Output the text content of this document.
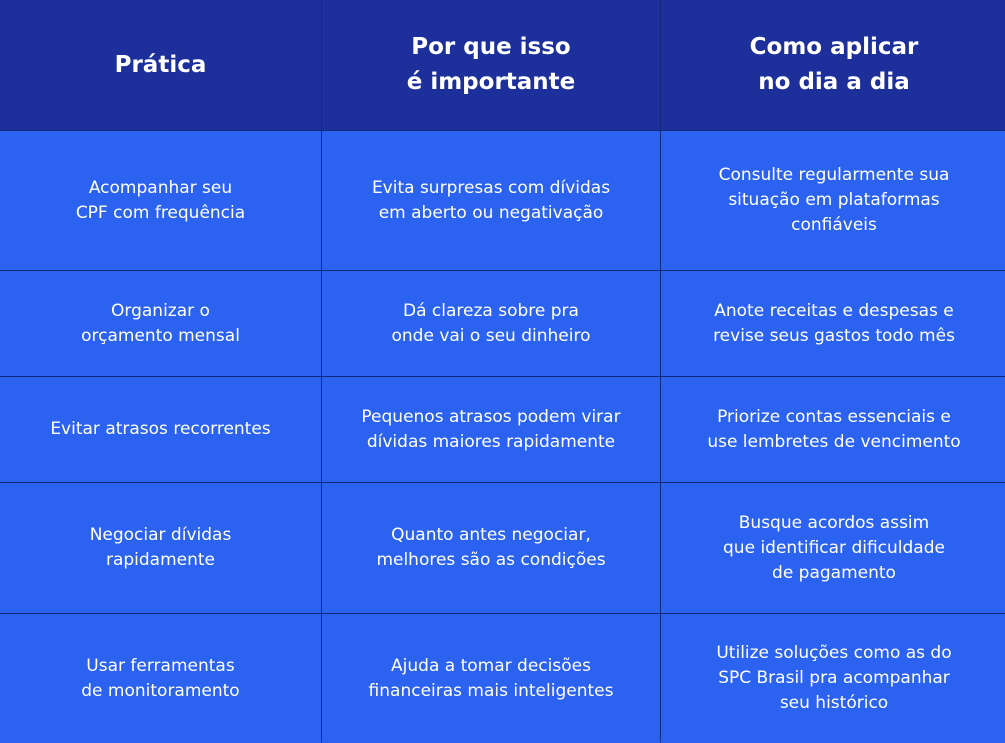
Prática
Por que isso
é importante
Como aplicar
no dia a dia
Acompanhar seu
CPF com frequência
Evita surpresas com dívidas
em aberto ou negativação
Consulte regularmente sua
situação em plataformas
confiáveis
Organizar o
orçamento mensal
Dá clareza sobre pra
onde vai o seu dinheiro
Anote receitas e despesas e
revise seus gastos todo mês
Evitar atrasos recorrentes
Pequenos atrasos podem virar
dívidas maiores rapidamente
Priorize contas essenciais e
use lembretes de vencimento
Negociar dívidas
rapidamente
Quanto antes negociar,
melhores são as condições
Busque acordos assim
que identificar dificuldade
de pagamento
Usar ferramentas
de monitoramento
Ajuda a tomar decisões
financeiras mais inteligentes
Utilize soluções como as do
SPC Brasil pra acompanhar
seu histórico
